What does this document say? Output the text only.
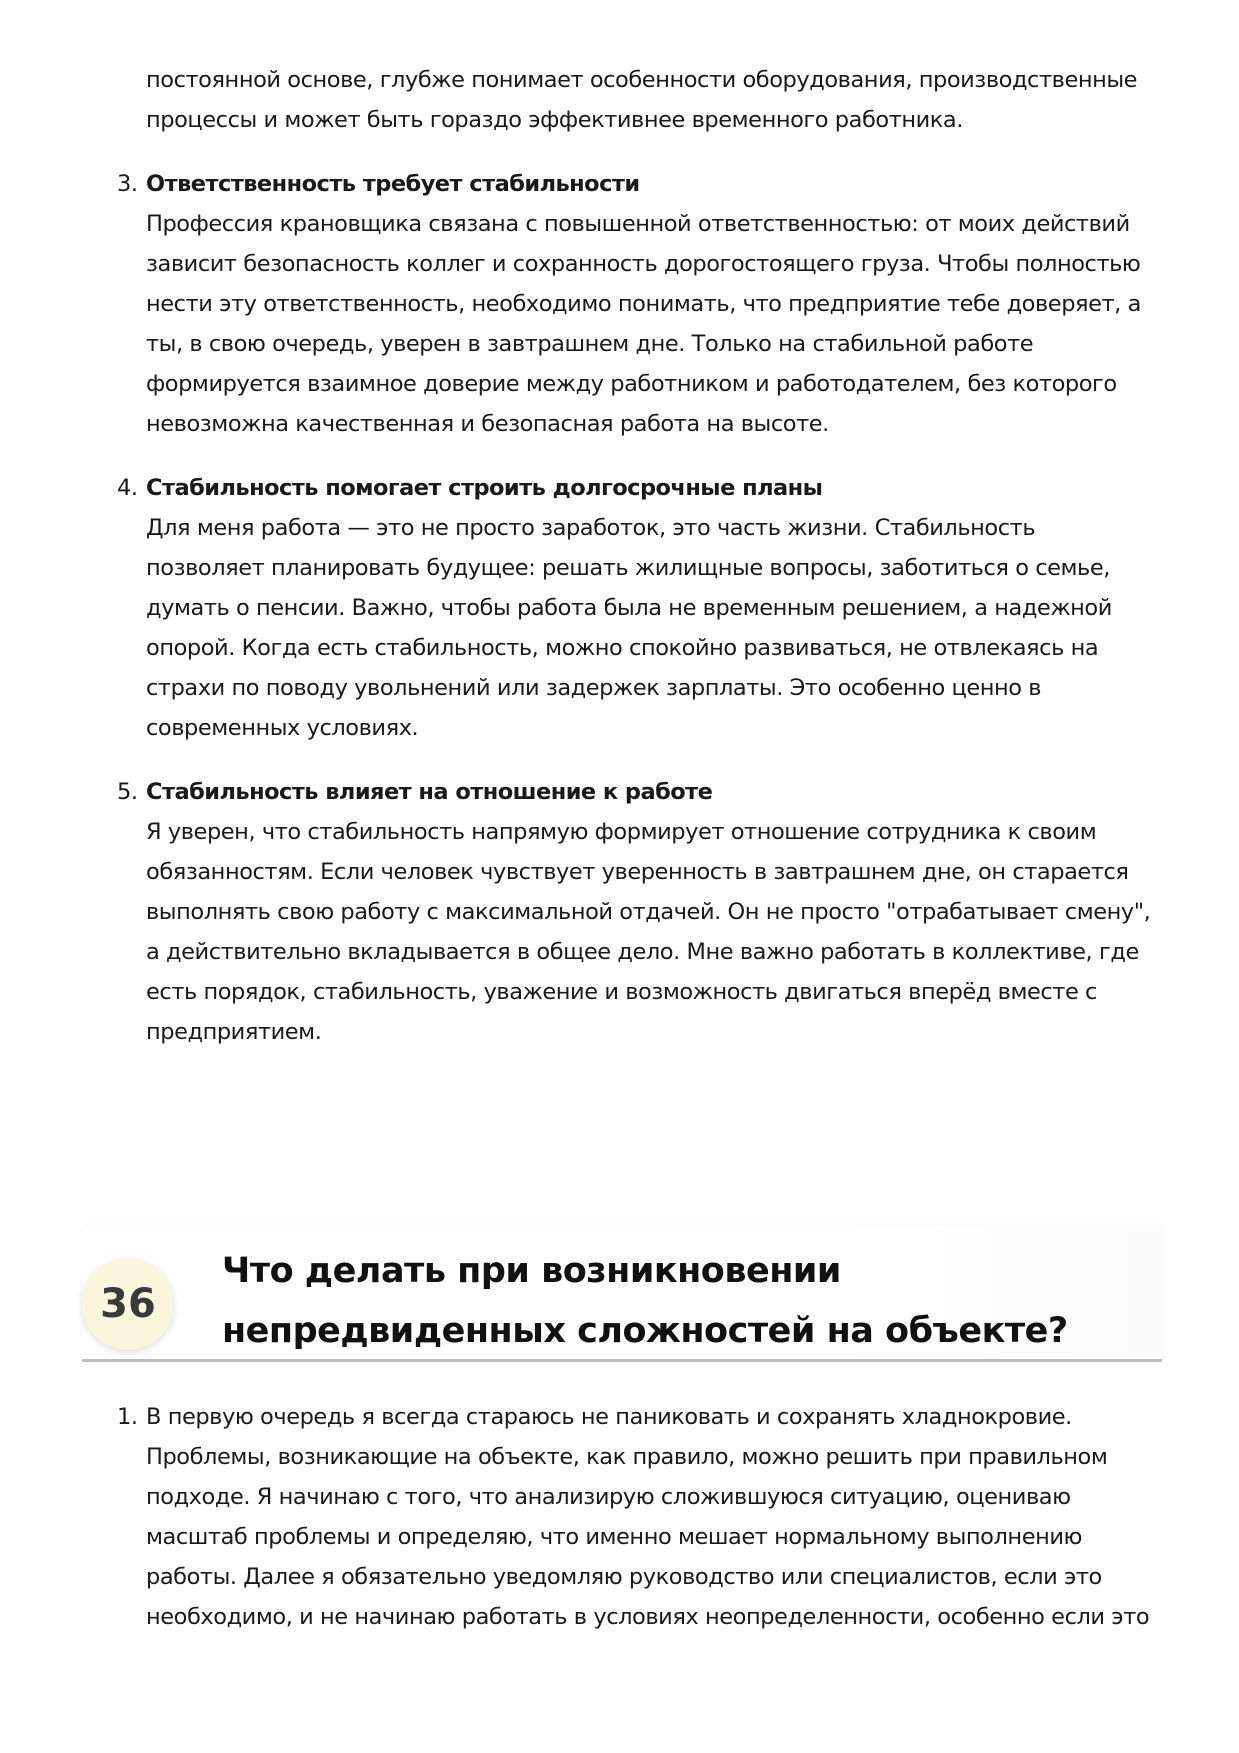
постоянной основе, глубже понимает особенности оборудования, производственные процессы и может быть гораздо эффективнее временного работника.

3. Ответственность требует стабильности

Профессия крановщика связана с повышенной ответственностью: от моих действий зависит безопасность коллег и сохранность дорогостоящего груза. Чтобы полностью нести эту ответственность, необходимо понимать, что предприятие тебе доверяет, а ты, в свою очередь, уверен в завтрашнем дне. Только на стабильной работе формируется взаимное доверие между работником и работодателем, без которого невозможна качественная и безопасная работа на высоте.

4. Стабильность помогает строить долгосрочные планы

Для меня работа — это не просто заработок, это часть жизни. Стабильность позволяет планировать будущее: решать жилищные вопросы, заботиться о семье, думать о пенсии. Важно, чтобы работа была не временным решением, а надежной опорой. Когда есть стабильность, можно спокойно развиваться, не отвлекаясь на страхи по поводу увольнений или задержек зарплаты. Это особенно ценно в современных условиях.

5. Стабильность влияет на отношение к работе

Я уверен, что стабильность напрямую формирует отношение сотрудника к своим обязанностям. Если человек чувствует уверенность в завтрашнем дне, он старается выполнять свою работу с максимальной отдачей. Он не просто "отрабатывает смену", а действительно вкладывается в общее дело. Мне важно работать в коллективе, где есть порядок, стабильность, уважение и возможность двигаться вперёд вместе с предприятием.

36
Что делать при возникновении непредвиденных сложностей на объекте?
1. В первую очередь я всегда стараюсь не паниковать и сохранять хладнокровие. Проблемы, возникающие на объекте, как правило, можно решить при правильном подходе. Я начинаю с того, что анализирую сложившуюся ситуацию, оцениваю масштаб проблемы и определяю, что именно мешает нормальному выполнению работы. Далее я обязательно уведомляю руководство или специалистов, если это необходимо, и не начинаю работать в условиях неопределенности, особенно если это
